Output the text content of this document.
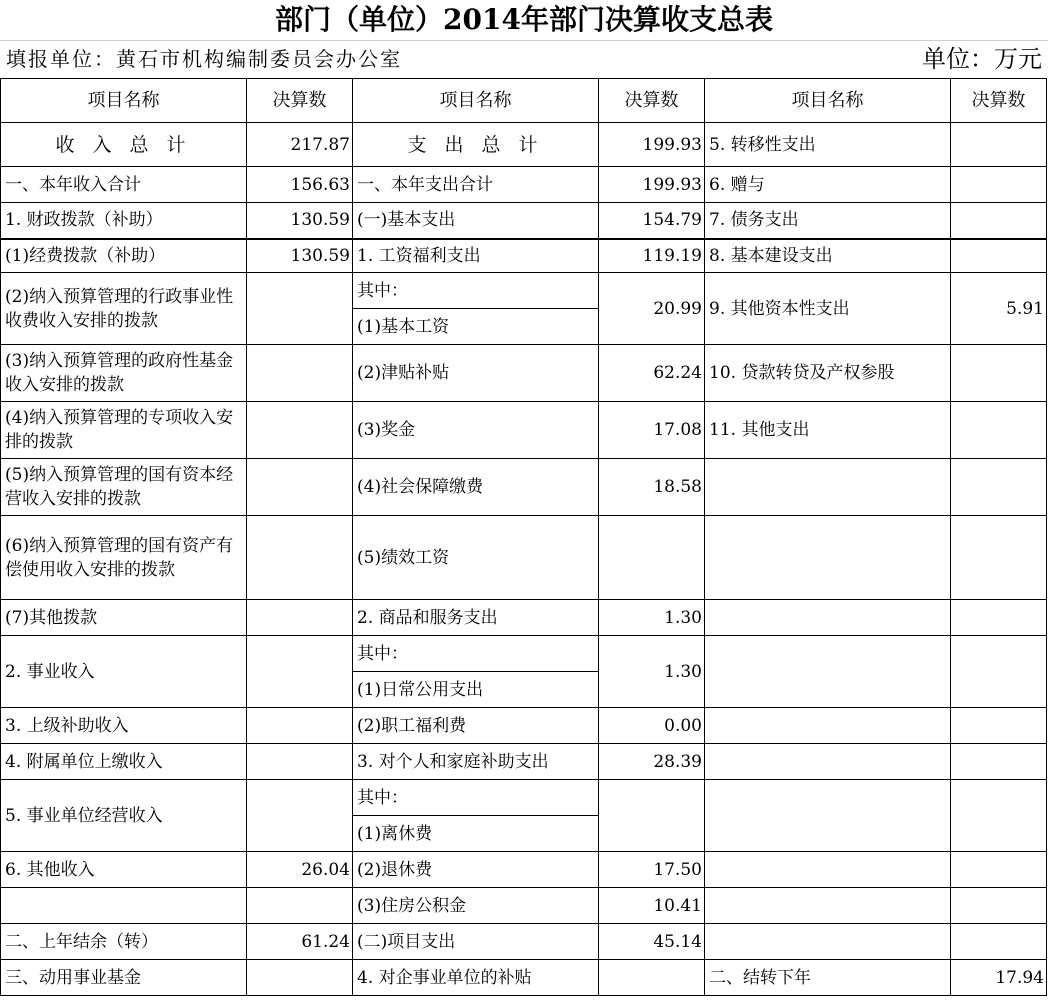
部门（单位）2014年部门决算收支总表
填报单位：黄石市机构编制委员会办公室	单位：万元
项目名称	决算数	项目名称	决算数	项目名称	决算数
收 入 总 计	217.87	支 出 总 计	199.93	5. 转移性支出	
一、本年收入合计	156.63	一、本年支出合计	199.93	6. 赠与	
1. 财政拨款（补助）	130.59	(一)基本支出	154.79	7. 债务支出	
(1)经费拨款（补助）	130.59	1. 工资福利支出	119.19	8. 基本建设支出	
(2)纳入预算管理的行政事业性收费收入安排的拨款		其中：	20.99	9. 其他资本性支出	5.91
		(1)基本工资			
(3)纳入预算管理的政府性基金收入安排的拨款		(2)津贴补贴	62.24	10. 贷款转贷及产权参股	
(4)纳入预算管理的专项收入安排的拨款		(3)奖金	17.08	11. 其他支出	
(5)纳入预算管理的国有资本经营收入安排的拨款		(4)社会保障缴费	18.58		
(6)纳入预算管理的国有资产有偿使用收入安排的拨款		(5)绩效工资			
(7)其他拨款		2. 商品和服务支出	1.30		
2. 事业收入		其中：	1.30		
		(1)日常公用支出			
3. 上级补助收入		(2)职工福利费	0.00		
4. 附属单位上缴收入		3. 对个人和家庭补助支出	28.39		
5. 事业单位经营收入		其中：			
		(1)离休费			
6. 其他收入	26.04	(2)退休费	17.50		
		(3)住房公积金	10.41		
二、上年结余（转）	61.24	(二)项目支出	45.14		
三、动用事业基金		4. 对企事业单位的补贴		二、结转下年	17.94
